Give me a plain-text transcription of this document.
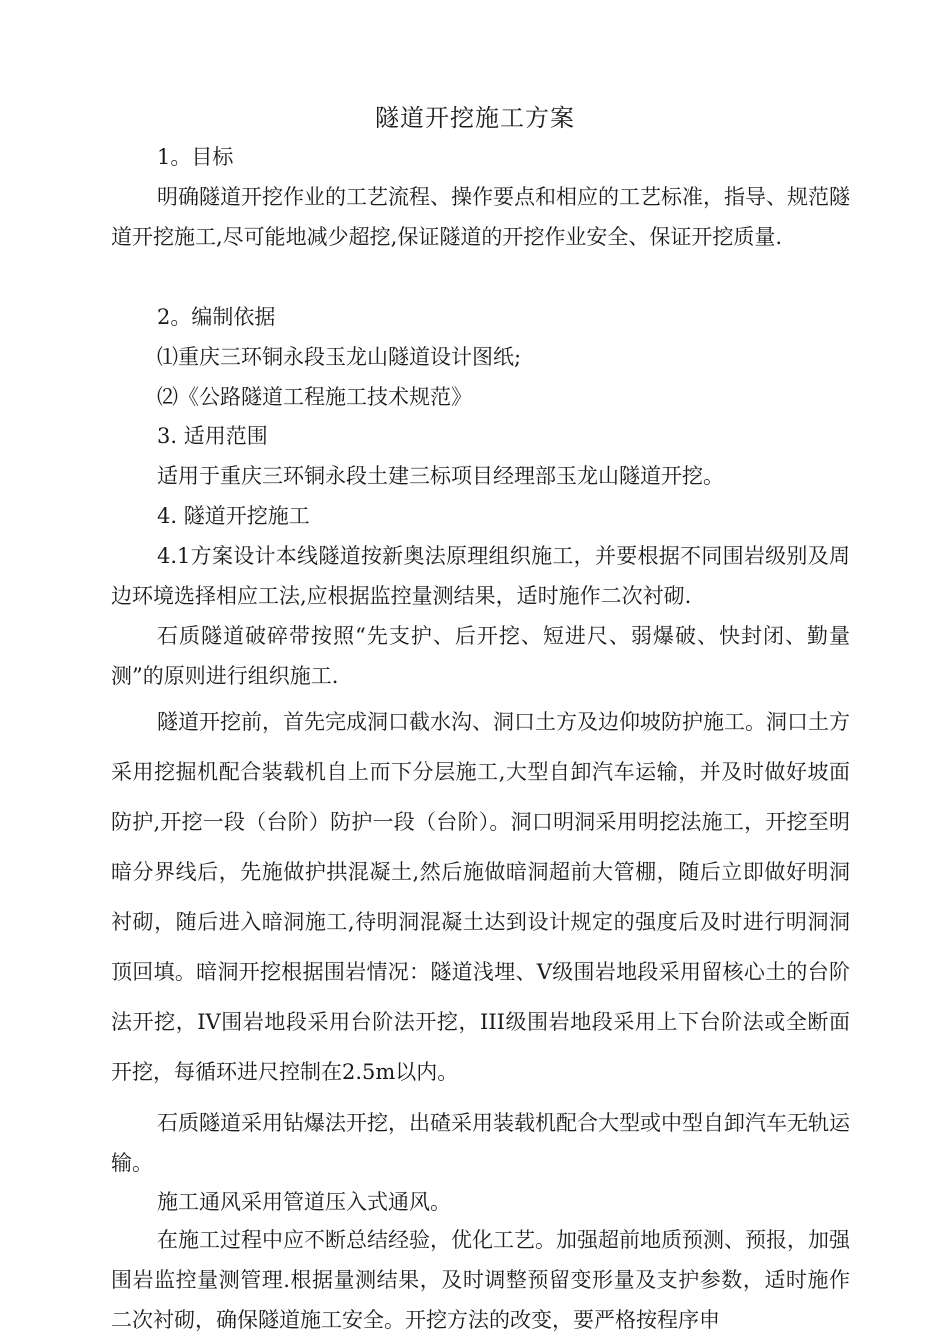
隧道开挖施工方案

1。目标

明确隧道开挖作业的工艺流程、操作要点和相应的工艺标准，指导、规范隧道开挖施工,尽可能地减少超挖,保证隧道的开挖作业安全、保证开挖质量.

2。编制依据

⑴重庆三环铜永段玉龙山隧道设计图纸;

⑵《公路隧道工程施工技术规范》

3. 适用范围

适用于重庆三环铜永段土建三标项目经理部玉龙山隧道开挖。

4. 隧道开挖施工

4.1方案设计本线隧道按新奥法原理组织施工，并要根据不同围岩级别及周边环境选择相应工法,应根据监控量测结果，适时施作二次衬砌.

石质隧道破碎带按照“先支护、后开挖、短进尺、弱爆破、快封闭、勤量测”的原则进行组织施工.

隧道开挖前，首先完成洞口截水沟、洞口土方及边仰坡防护施工。洞口土方采用挖掘机配合装载机自上而下分层施工,大型自卸汽车运输，并及时做好坡面防护,开挖一段（台阶）防护一段（台阶）。洞口明洞采用明挖法施工，开挖至明暗分界线后，先施做护拱混凝土,然后施做暗洞超前大管棚，随后立即做好明洞衬砌，随后进入暗洞施工,待明洞混凝土达到设计规定的强度后及时进行明洞洞顶回填。暗洞开挖根据围岩情况：隧道浅埋、V级围岩地段采用留核心土的台阶法开挖，IV围岩地段采用台阶法开挖，III级围岩地段采用上下台阶法或全断面开挖，每循环进尺控制在2.5m以内。

石质隧道采用钻爆法开挖，出碴采用装载机配合大型或中型自卸汽车无轨运输。

施工通风采用管道压入式通风。

在施工过程中应不断总结经验，优化工艺。加强超前地质预测、预报，加强围岩监控量测管理.根据量测结果，及时调整预留变形量及支护参数，适时施作二次衬砌，确保隧道施工安全。开挖方法的改变，要严格按程序申
